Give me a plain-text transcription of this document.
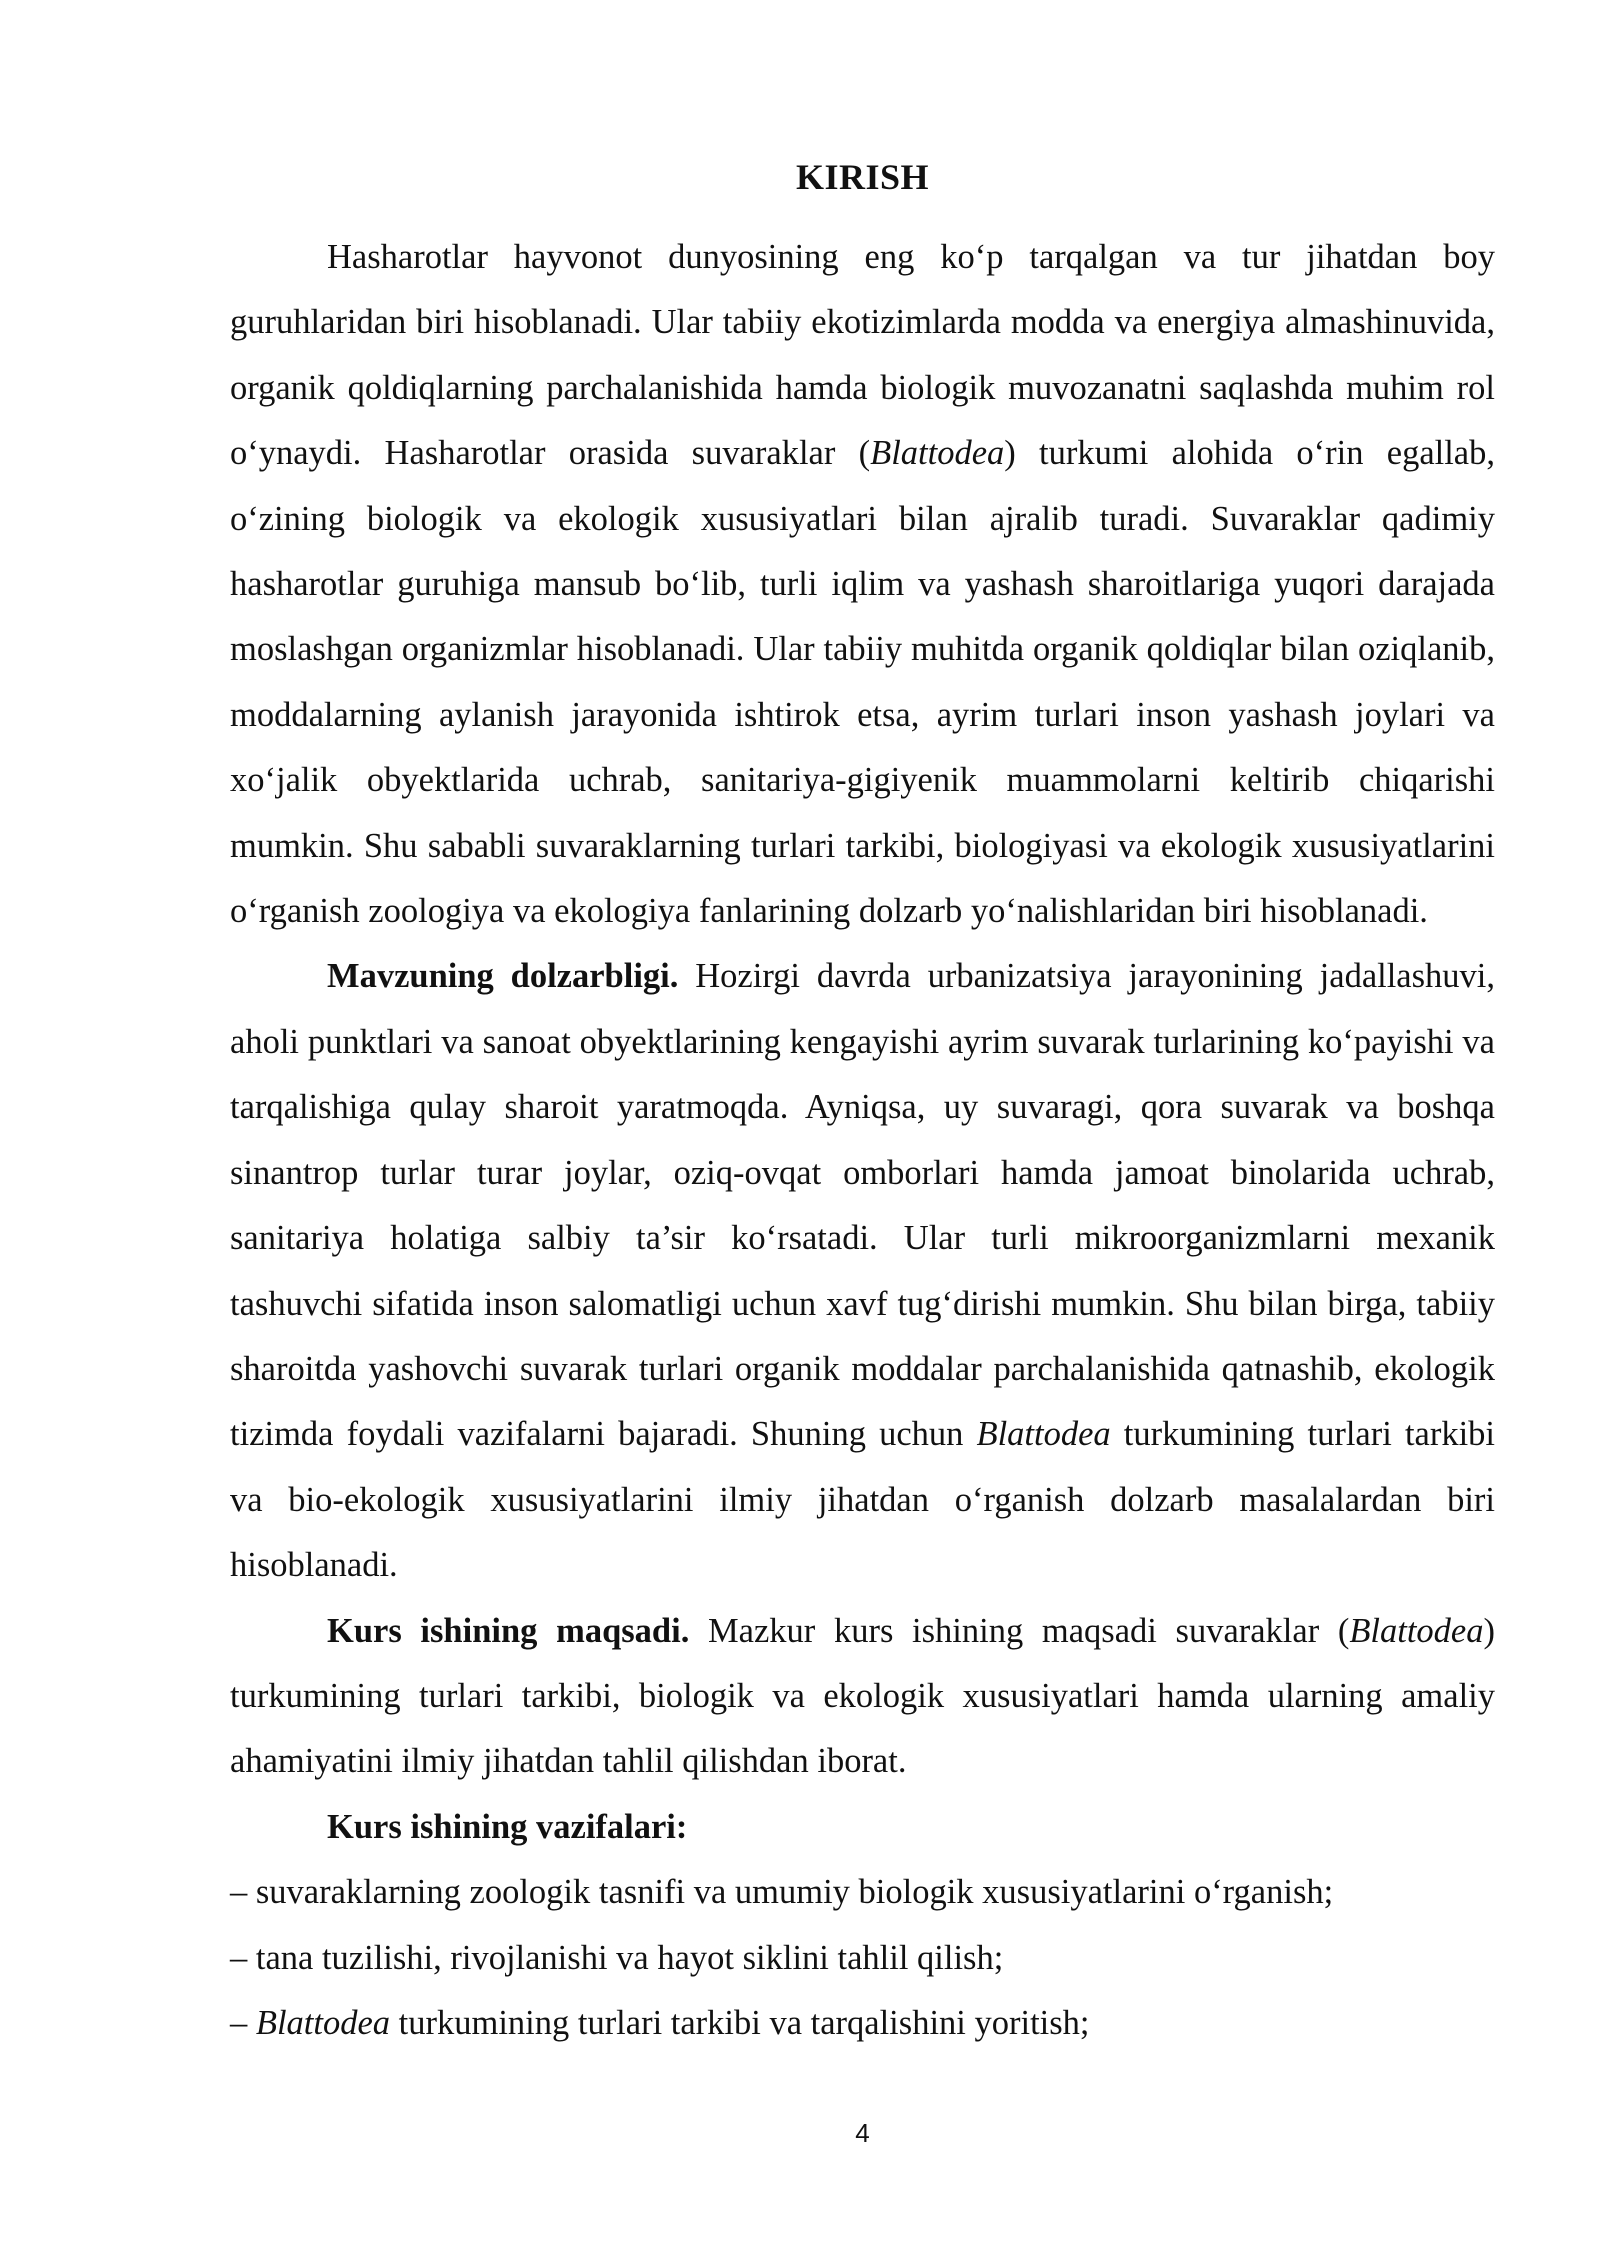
KIRISH

Hasharotlar hayvonot dunyosining eng ko‘p tarqalgan va tur jihatdan boy guruhlaridan biri hisoblanadi. Ular tabiiy ekotizimlarda modda va energiya almashinuvida, organik qoldiqlarning parchalanishida hamda biologik muvozanatni saqlashda muhim rol o‘ynaydi. Hasharotlar orasida suvaraklar (Blattodea) turkumi alohida o‘rin egallab, o‘zining biologik va ekologik xususiyatlari bilan ajralib turadi. Suvaraklar qadimiy hasharotlar guruhiga mansub bo‘lib, turli iqlim va yashash sharoitlariga yuqori darajada moslashgan organizmlar hisoblanadi. Ular tabiiy muhitda organik qoldiqlar bilan oziqlanib, moddalarning aylanish jarayonida ishtirok etsa, ayrim turlari inson yashash joylari va xo‘jalik obyektlarida uchrab, sanitariya-gigiyenik muammolarni keltirib chiqarishi mumkin. Shu sababli suvaraklarning turlari tarkibi, biologiyasi va ekologik xususiyatlarini o‘rganish zoologiya va ekologiya fanlarining dolzarb yo‘nalishlaridan biri hisoblanadi.

Mavzuning dolzarbligi. Hozirgi davrda urbanizatsiya jarayonining jadallashuvi, aholi punktlari va sanoat obyektlarining kengayishi ayrim suvarak turlarining ko‘payishi va tarqalishiga qulay sharoit yaratmoqda. Ayniqsa, uy suvaragi, qora suvarak va boshqa sinantrop turlar turar joylar, oziq-ovqat omborlari hamda jamoat binolarida uchrab, sanitariya holatiga salbiy ta’sir ko‘rsatadi. Ular turli mikroorganizmlarni mexanik tashuvchi sifatida inson salomatligi uchun xavf tug‘dirishi mumkin. Shu bilan birga, tabiiy sharoitda yashovchi suvarak turlari organik moddalar parchalanishida qatnashib, ekologik tizimda foydali vazifalarni bajaradi. Shuning uchun Blattodea turkumining turlari tarkibi va bio-ekologik xususiyatlarini ilmiy jihatdan o‘rganish dolzarb masalalardan biri hisoblanadi.

Kurs ishining maqsadi. Mazkur kurs ishining maqsadi suvaraklar (Blattodea) turkumining turlari tarkibi, biologik va ekologik xususiyatlari hamda ularning amaliy ahamiyatini ilmiy jihatdan tahlil qilishdan iborat.

Kurs ishining vazifalari:

– suvaraklarning zoologik tasnifi va umumiy biologik xususiyatlarini o‘rganish;

– tana tuzilishi, rivojlanishi va hayot siklini tahlil qilish;

– Blattodea turkumining turlari tarkibi va tarqalishini yoritish;

4
